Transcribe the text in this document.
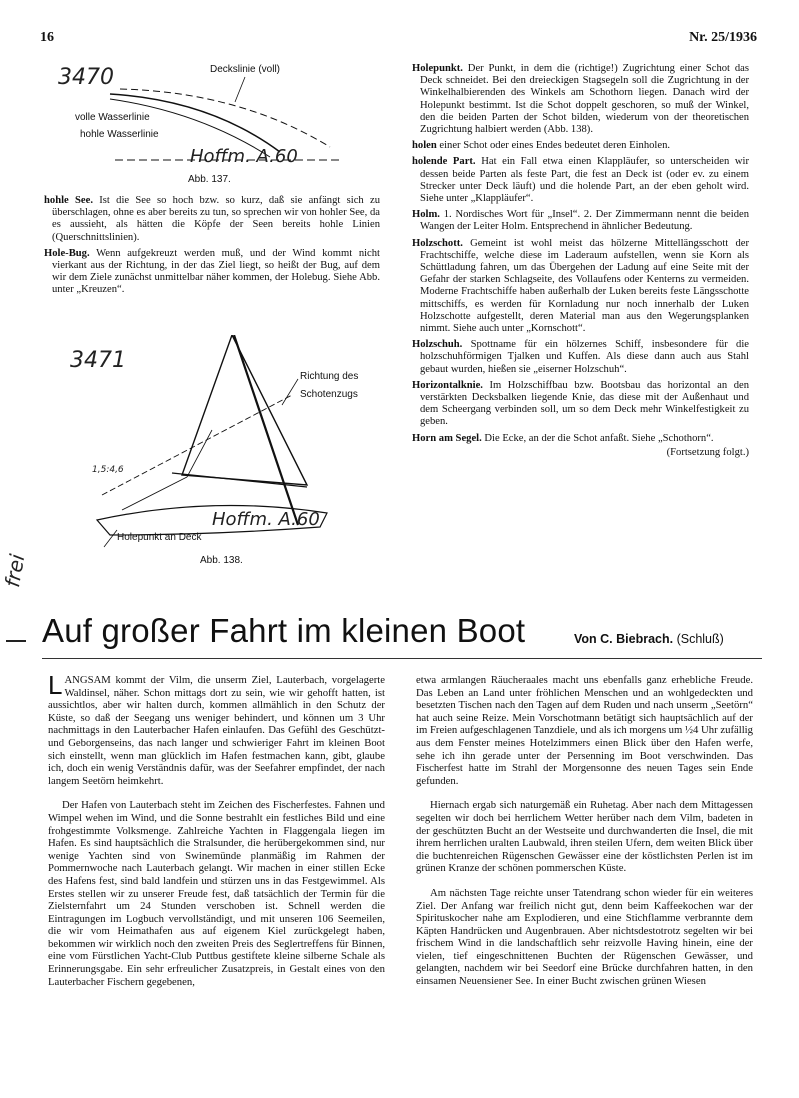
16	Nr. 25/1936
3470	Deckslinie (voll)
volle Wasserlinie
hohle Wasserlinie
Hoffm. A.60
Abb. 137.
hohle See. Ist die See so hoch bzw. so kurz, daß sie anfängt sich zu überschlagen, ohne es aber bereits zu tun, so sprechen wir von hohler See, da es aussieht, als hätten die Köpfe der Seen bereits hohle Linien (Querschnittslinien).
Hole-Bug. Wenn aufgekreuzt werden muß, und der Wind kommt nicht vierkant aus der Richtung, in der das Ziel liegt, so heißt der Bug, auf dem wir dem Ziele zunächst unmittelbar näher kommen, der Holebug. Siehe Abb. unter „Kreuzen“.
3471
1,5:4,6
Richtung des
Schotenzugs
Holepunkt an Deck
Hoffm. A.60
Abb. 138.
Holepunkt. Der Punkt, in dem die (richtige!) Zugrichtung einer Schot das Deck schneidet. Bei den dreieckigen Stagsegeln soll die Zugrichtung in der Winkelhalbierenden des Winkels am Schothorn liegen. Danach wird der Holepunkt bestimmt. Ist die Schot doppelt geschoren, so muß der Winkel, den die beiden Parten der Schot bilden, wiederum von der theoretischen Zugrichtung halbiert werden (Abb. 138).
holen einer Schot oder eines Endes bedeutet deren Einholen.
holende Part. Hat ein Fall etwa einen Klappläufer, so unterscheiden wir dessen beide Parten als feste Part, die fest an Deck ist (oder ev. zu einem Strecker unter Deck läuft) und die holende Part, an der eben geholt wird. Siehe unter „Klappläufer“.
Holm. 1. Nordisches Wort für „Insel“. 2. Der Zimmermann nennt die beiden Wangen der Leiter Holm. Entsprechend in ähnlicher Bedeutung.
Holzschott. Gemeint ist wohl meist das hölzerne Mittellängsschott der Frachtschiffe, welche diese im Laderaum aufstellen, wenn sie Korn als Schüttladung fahren, um das Übergehen der Ladung auf eine Seite mit der Gefahr der starken Schlagseite, des Vollaufens oder Kenterns zu vermeiden. Moderne Frachtschiffe haben außerhalb der Luken bereits feste Längsschotte mittschiffs, es werden für Kornladung nur noch innerhalb der Luken Holzschotte aufgestellt, deren Material man aus den Wegerungsplanken nimmt. Siehe auch unter „Kornschott“.
Holzschuh. Spottname für ein hölzernes Schiff, insbesondere für die holzschuhförmigen Tjalken und Kuffen. Als diese dann auch aus Stahl gebaut wurden, hießen sie „eiserner Holzschuh“.
Horizontalknie. Im Holzschiffbau bzw. Bootsbau das horizontal an den verstärkten Decksbalken liegende Knie, das diese mit der Außenhaut und dem Scheergang verbinden soll, um so dem Deck mehr Winkelfestigkeit zu geben.
Horn am Segel. Die Ecke, an der die Schot anfaßt. Siehe „Schothorn“.
(Fortsetzung folgt.)
frei
Auf großer Fahrt im kleinen Boot	Von C. Biebrach. (Schluß)

LANGSAM kommt der Vilm, die unserm Ziel, Lauterbach, vorgelagerte Waldinsel, näher. Schon mittags dort zu sein, wie wir gehofft hatten, ist aussichtlos, aber wir halten durch, kommen allmählich in den Schutz der Küste, so daß der Seegang uns weniger behindert, und können um 3 Uhr nachmittags in den Lauterbacher Hafen einlaufen. Das Gefühl des Geschützt- und Geborgenseins, das nach langer und schwieriger Fahrt im kleinen Boot sich einstellt, wenn man glücklich im Hafen festmachen kann, gibt, glaube ich, doch ein wenig Verständnis dafür, was der Seefahrer empfindet, der nach langem Seetörn heimkehrt.

Der Hafen von Lauterbach steht im Zeichen des Fischerfestes. Fahnen und Wimpel wehen im Wind, und die Sonne bestrahlt ein festliches Bild und eine frohgestimmte Volksmenge. Zahlreiche Yachten in Flaggengala liegen im Hafen. Es sind hauptsächlich die Stralsunder, die herübergekommen sind, nur wenige Yachten sind von Swinemünde planmäßig im Rahmen der Pommernwoche nach Lauterbach gelangt. Wir machen in einer stillen Ecke des Hafens fest, sind bald landfein und stürzen uns in das Festgewimmel. Als Erstes stellen wir zu unserer Freude fest, daß tatsächlich der Termin für die Zielsternfahrt um 24 Stunden verschoben ist. Schnell werden die Eintragungen im Logbuch vervollständigt, und mit unseren 106 Seemeilen, die wir vom Heimathafen aus auf eigenem Kiel zurückgelegt haben, bekommen wir wirklich noch den zweiten Preis des Seglertreffens für Binnen, eine vom Fürstlichen Yacht-Club Puttbus gestiftete kleine silberne Schale als Erinnerungsgabe. Ein sehr erfreulicher Zusatzpreis, in Gestalt eines von den Lauterbacher Fischern gegebenen,

etwa armlangen Räucheraales macht uns ebenfalls ganz erhebliche Freude. Das Leben an Land unter fröhlichen Menschen und an wohlgedeckten und besetzten Tischen nach den Tagen auf dem Ruden und nach unserm „Seetörn“ hat auch seine Reize. Mein Vorschotmann betätigt sich hauptsächlich auf der im Freien aufgeschlagenen Tanzdiele, und als ich morgens um ½4 Uhr zufällig aus dem Fenster meines Hotelzimmers einen Blick über den Hafen werfe, sehe ich ihn gerade unter der Persenning im Boot verschwinden. Das Fischerfest hatte im Strahl der Morgensonne des neuen Tages sein Ende gefunden.

Hiernach ergab sich naturgemäß ein Ruhetag. Aber nach dem Mittagessen segelten wir doch bei herrlichem Wetter herüber nach dem Vilm, badeten in der geschützten Bucht an der Westseite und durchwanderten die Insel, die mit ihrem herrlichen uralten Laubwald, ihren steilen Ufern, dem weiten Blick über die buchtenreichen Rügenschen Gewässer eine der köstlichsten Perlen ist im grünen Kranze der schönen pommerschen Küste.

Am nächsten Tage reichte unser Tatendrang schon wieder für ein weiteres Ziel. Der Anfang war freilich nicht gut, denn beim Kaffeekochen war der Spirituskocher nahe am Explodieren, und eine Stichflamme verbrannte dem Käpten Handrücken und Augenbrauen. Aber nichtsdestotrotz segelten wir bei frischem Wind in die landschaftlich sehr reizvolle Having hinein, eine der vielen, tief eingeschnittenen Buchten der Rügenschen Gewässer, und gelangten, nachdem wir bei Seedorf eine Brücke durchfahren hatten, in den einsamen Neuensiener See. In einer Bucht zwischen grünen Wiesen
